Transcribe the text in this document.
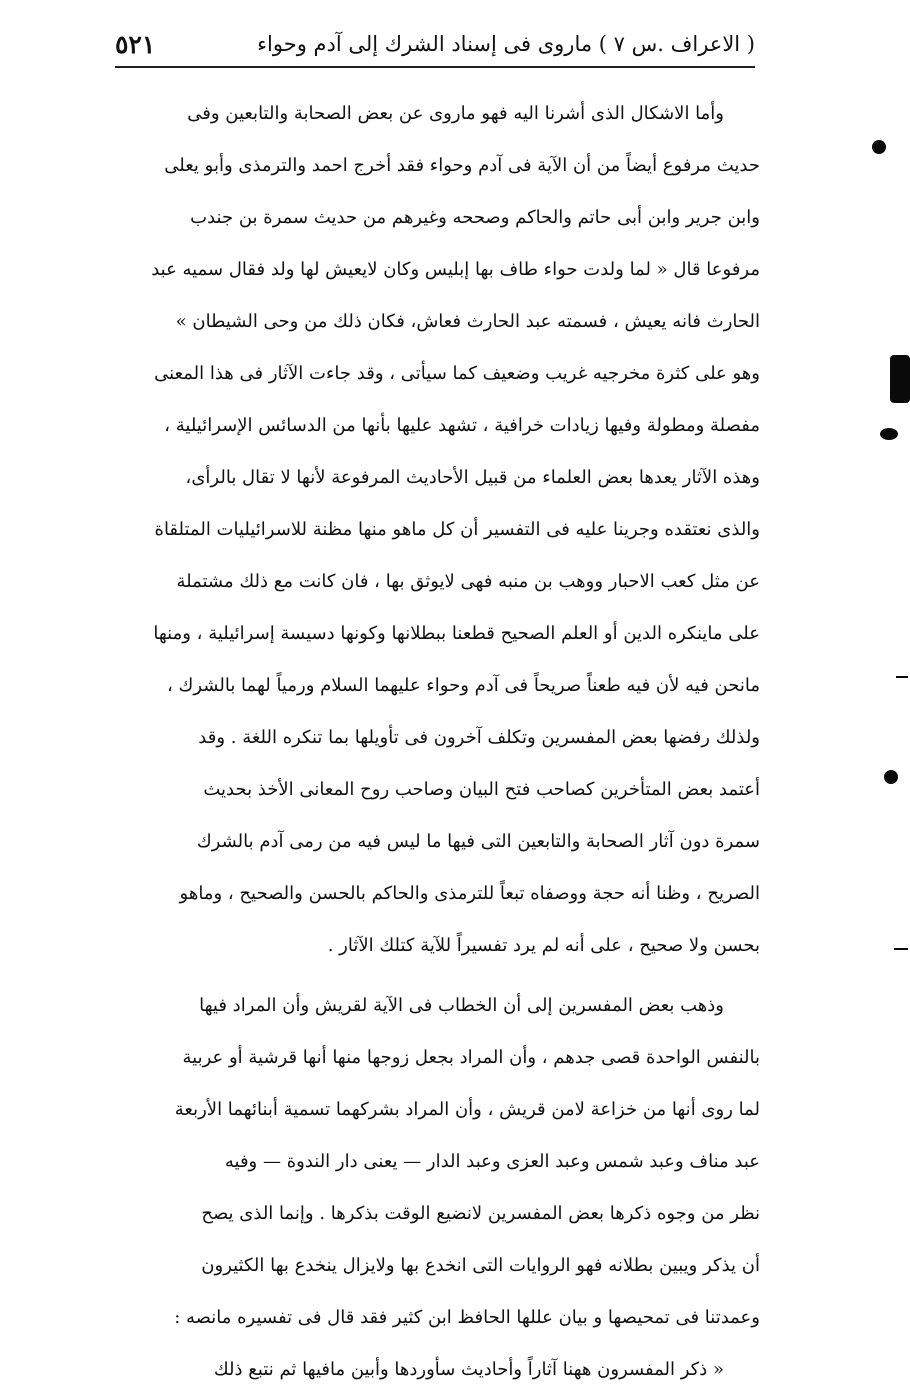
( الاعراف .س ٧ ) ماروى فى إسناد الشرك إلى آدم وحواء
٥٢١
وأما الاشكال الذى أشرنا اليه فهو ماروى عن بعض الصحابة والتابعين وفى
حديث مرفوع أيضاً من أن الآية فى آدم وحواء فقد أخرج احمد والترمذى وأبو يعلى
وابن جرير وابن أبى حاتم والحاكم وصححه وغيرهم من حديث سمرة بن جندب
مرفوعا قال « لما ولدت حواء طاف بها إبليس وكان لايعيش لها ولد فقال سميه عبد
الحارث فانه يعيش ، فسمته عبد الحارث فعاش، فكان ذلك من وحى الشيطان »
وهو على كثرة مخرجيه غريب وضعيف كما سيأتى ، وقد جاءت الآثار فى هذا المعنى
مفصلة ومطولة وفيها زيادات خرافية ، تشهد عليها بأنها من الدسائس الإسرائيلية ،
وهذه الآثار يعدها بعض العلماء من قبيل الأحاديث المرفوعة لأنها لا تقال بالرأى،
والذى نعتقده وجرينا عليه فى التفسير أن كل ماهو منها مظنة للاسرائيليات المتلقاة
عن مثل كعب الاحبار ووهب بن منبه فهى لايوثق بها ، فان كانت مع ذلك مشتملة
على ماينكره الدين أو العلم الصحيح قطعنا ببطلانها وكونها دسيسة إسرائيلية ، ومنها
مانحن فيه لأن فيه طعناً صريحاً فى آدم وحواء عليهما السلام ورمياً لهما بالشرك ،
ولذلك رفضها بعض المفسرين وتكلف آخرون فى تأويلها بما تنكره اللغة . وقد
أعتمد بعض المتأخرين كصاحب فتح البيان وصاحب روح المعانى الأخذ بحديث
سمرة دون آثار الصحابة والتابعين التى فيها ما ليس فيه من رمى آدم بالشرك
الصريح ، وظنا أنه حجة ووصفاه تبعاً للترمذى والحاكم بالحسن والصحيح ، وماهو
بحسن ولا صحيح ، على أنه لم يرد تفسيراً للآية كتلك الآثار .
وذهب بعض المفسرين إلى أن الخطاب فى الآية لقريش وأن المراد فيها
بالنفس الواحدة قصى جدهم ، وأن المراد بجعل زوجها منها أنها قرشية أو عربية
لما روى أنها من خزاعة لامن قريش ، وأن المراد بشركهما تسمية أبنائهما الأربعة
عبد مناف وعبد شمس وعبد العزى وعبد الدار — يعنى دار الندوة — وفيه
نظر من وجوه ذكرها بعض المفسرين لانضيع الوقت بذكرها . وإنما الذى يصح
أن يذكر ويبين بطلانه فهو الروايات التى انخدع بها ولايزال ينخدع بها الكثيرون
وعمدتنا فى تمحيصها و بيان عللها الحافظ ابن كثير فقد قال فى تفسيره مانصه :
« ذكر المفسرون ههنا آثاراً وأحاديث سأوردها وأبين مافيها ثم نتبع ذلك
